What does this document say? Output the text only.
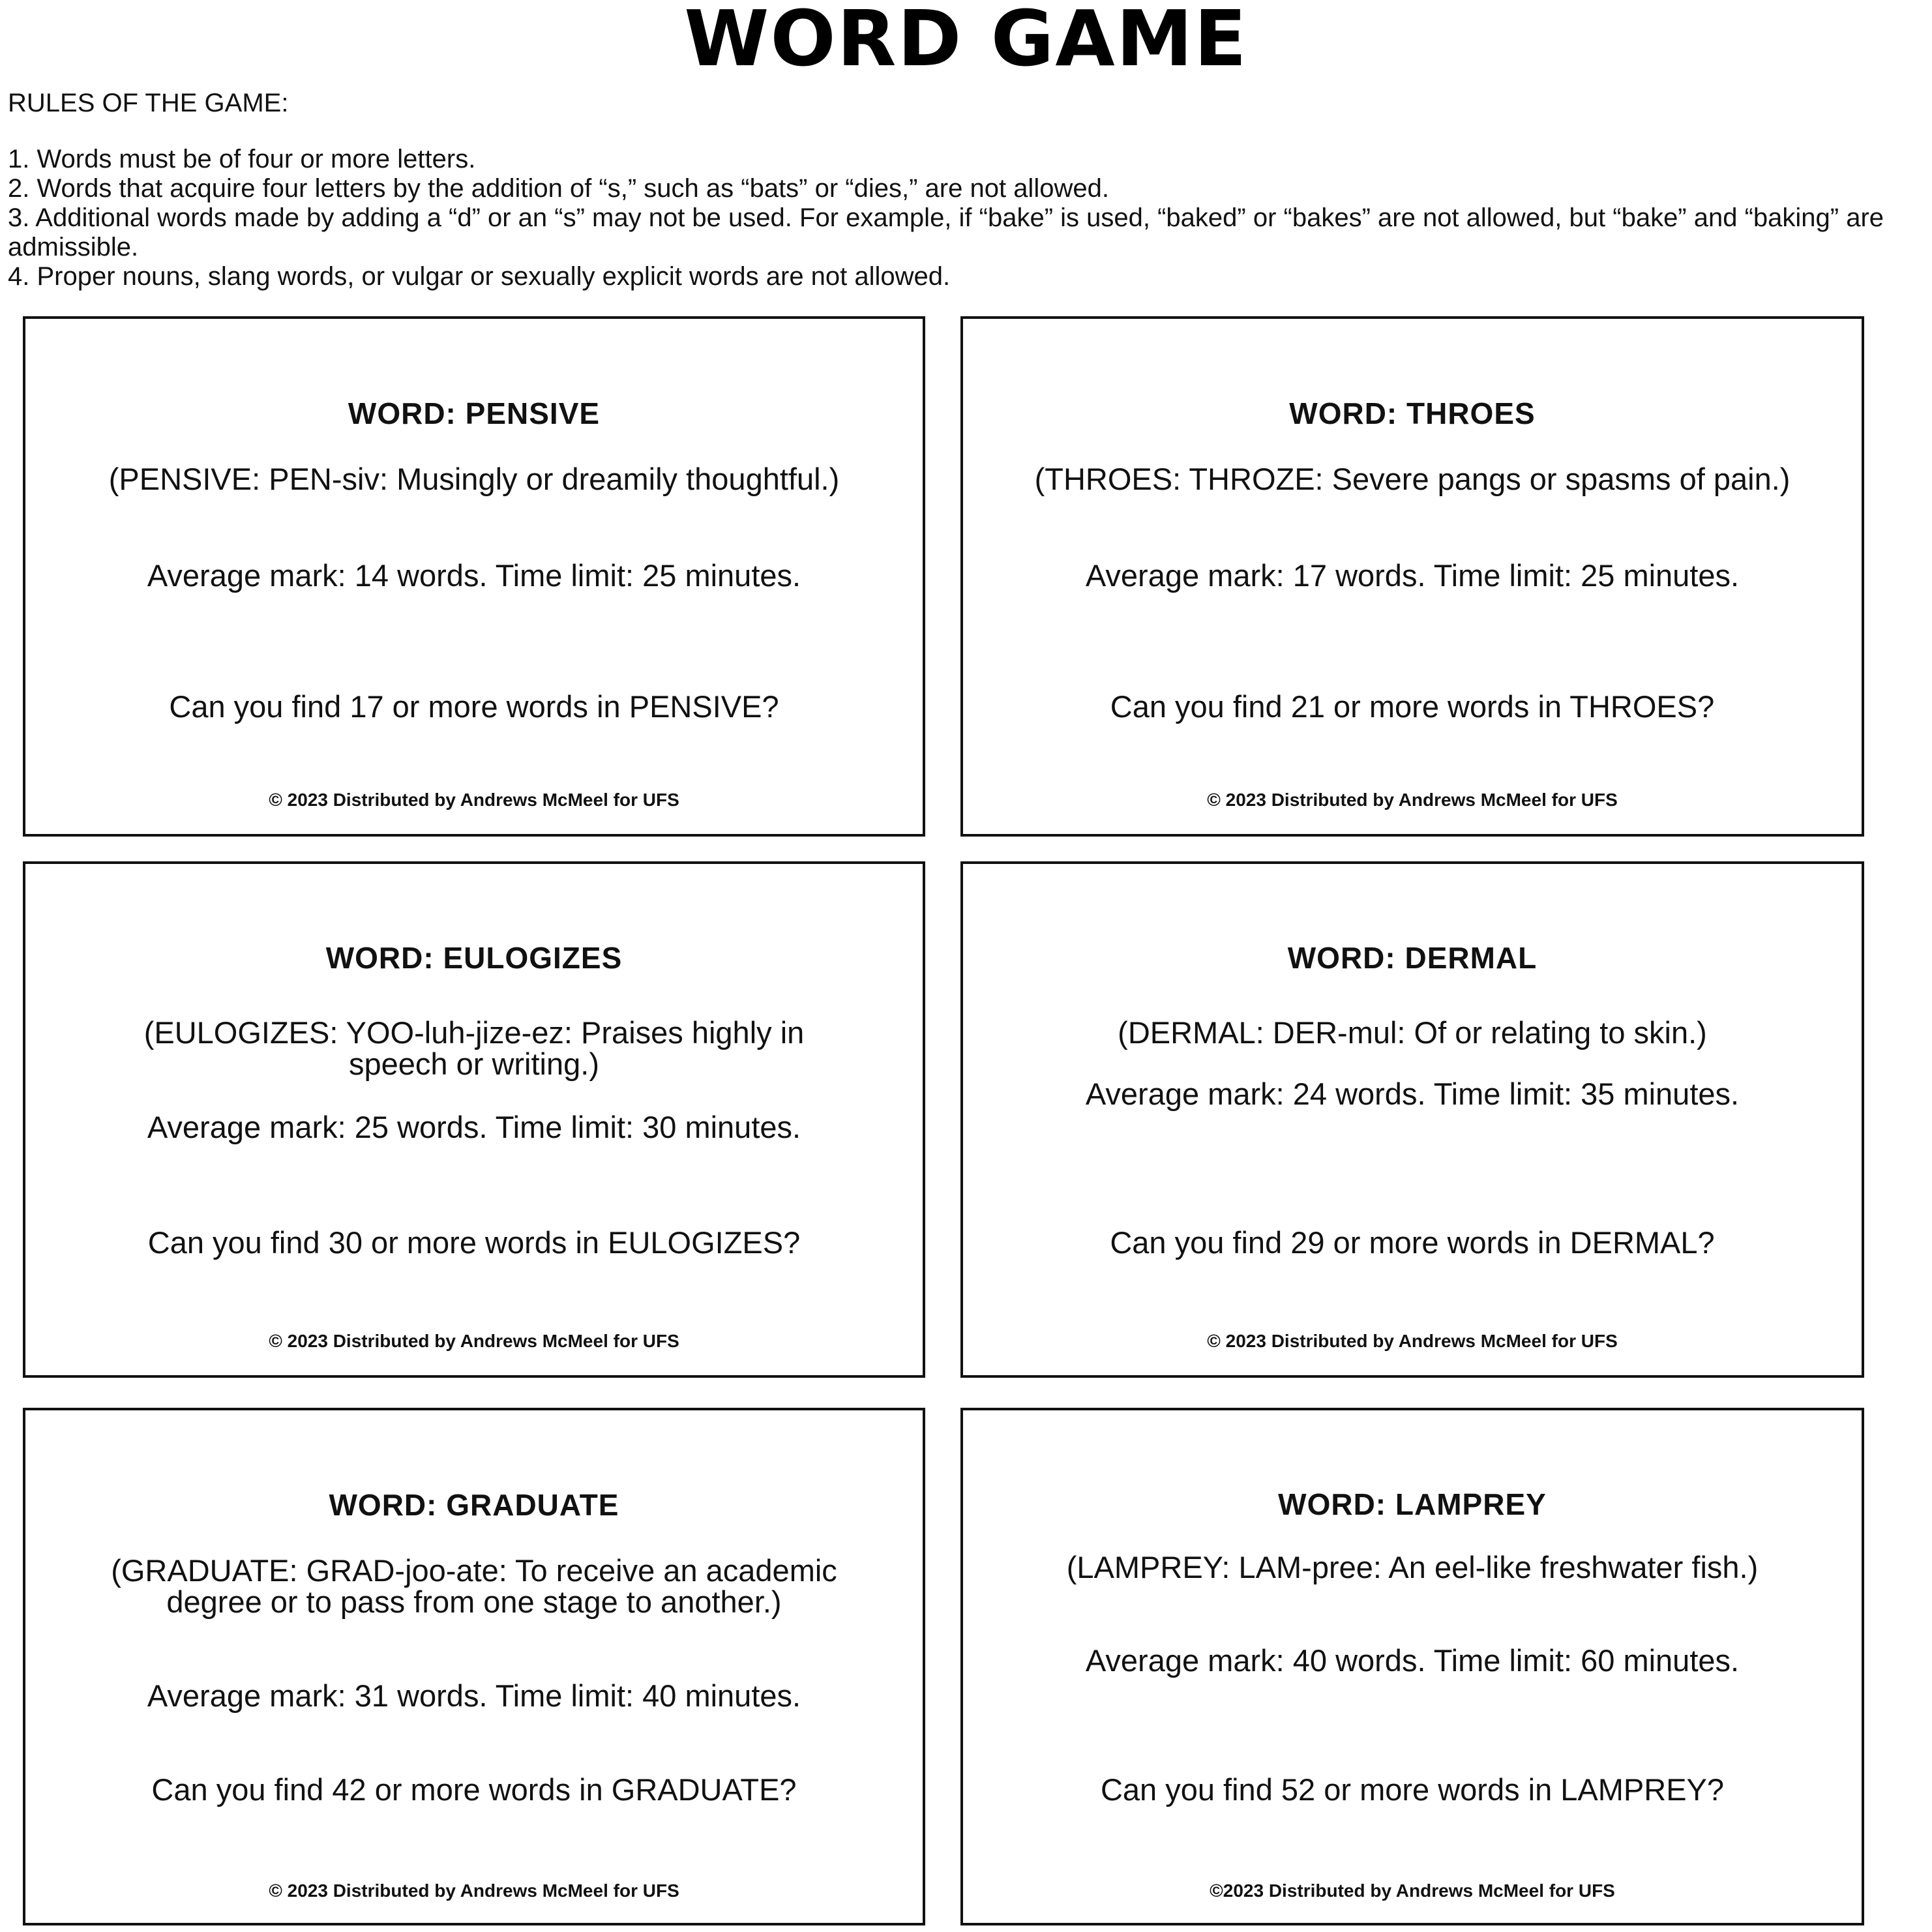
WORD GAME
RULES OF THE GAME:
1. Words must be of four or more letters.
2. Words that acquire four letters by the addition of “s,” such as “bats” or “dies,” are not allowed.
3. Additional words made by adding a “d” or an “s” may not be used. For example, if “bake” is used, “baked” or “bakes” are not allowed, but “bake” and “baking” are admissible.
4. Proper nouns, slang words, or vulgar or sexually explicit words are not allowed.
WORD: PENSIVE
(PENSIVE: PEN-siv: Musingly or dreamily thoughtful.)
Average mark: 14 words. Time limit: 25 minutes.
Can you find 17 or more words in PENSIVE?
© 2023 Distributed by Andrews McMeel for UFS
WORD: THROES
(THROES: THROZE: Severe pangs or spasms of pain.)
Average mark: 17 words. Time limit: 25 minutes.
Can you find 21 or more words in THROES?
© 2023 Distributed by Andrews McMeel for UFS
WORD: EULOGIZES
(EULOGIZES: YOO-luh-jize-ez: Praises highly in speech or writing.)
Average mark: 25 words. Time limit: 30 minutes.
Can you find 30 or more words in EULOGIZES?
© 2023 Distributed by Andrews McMeel for UFS
WORD: DERMAL
(DERMAL: DER-mul: Of or relating to skin.)
Average mark: 24 words. Time limit: 35 minutes.
Can you find 29 or more words in DERMAL?
© 2023 Distributed by Andrews McMeel for UFS
WORD: GRADUATE
(GRADUATE: GRAD-joo-ate: To receive an academic degree or to pass from one stage to another.)
Average mark: 31 words. Time limit: 40 minutes.
Can you find 42 or more words in GRADUATE?
© 2023 Distributed by Andrews McMeel for UFS
WORD: LAMPREY
(LAMPREY: LAM-pree: An eel-like freshwater fish.)
Average mark: 40 words. Time limit: 60 minutes.
Can you find 52 or more words in LAMPREY?
©2023 Distributed by Andrews McMeel for UFS
